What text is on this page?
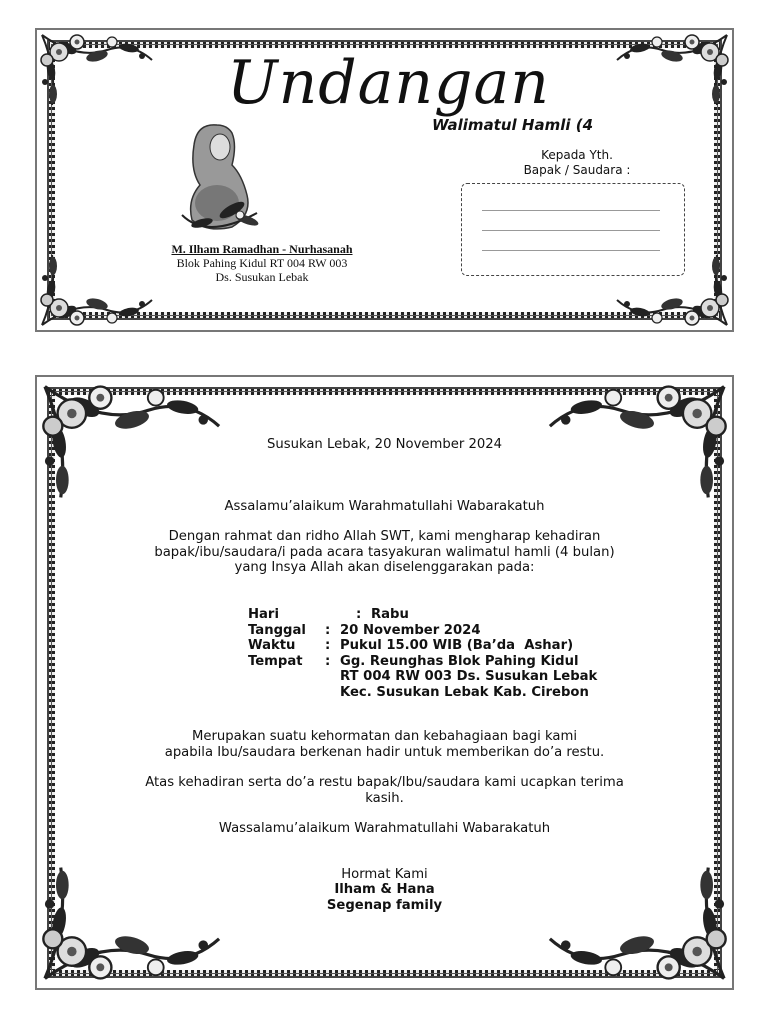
Undangan
Walimatul Hamli (4
M. Ilham Ramadhan - Nurhasanah
Blok Pahing Kidul RT 004 RW 003
Ds. Susukan Lebak
Kepada Yth.
Bapak / Saudara :

Susukan Lebak, 20 November 2024

Assalamu’alaikum Warahmatullahi Wabarakatuh

Dengan rahmat dan ridho Allah SWT, kami mengharap kehadiran

bapak/ibu/saudara/i pada acara tasyakuran walimatul hamli (4 bulan)

yang Insya Allah akan diselenggarakan pada:

Hari	: Rabu
Tanggal	: 20 November 2024
Waktu	: Pukul 15.00 WIB (Ba’da  Ashar)
Tempat	: Gg. Reunghas Blok Pahing Kidul
RT 004 RW 003 Ds. Susukan Lebak
Kec. Susukan Lebak Kab. Cirebon

Merupakan suatu kehormatan dan kebahagiaan bagi kami

apabila Ibu/saudara berkenan hadir untuk memberikan do’a restu.

Atas kehadiran serta do’a restu bapak/Ibu/saudara kami ucapkan terima

kasih.

Wassalamu’alaikum Warahmatullahi Wabarakatuh

Hormat Kami

Ilham & Hana

Segenap family
